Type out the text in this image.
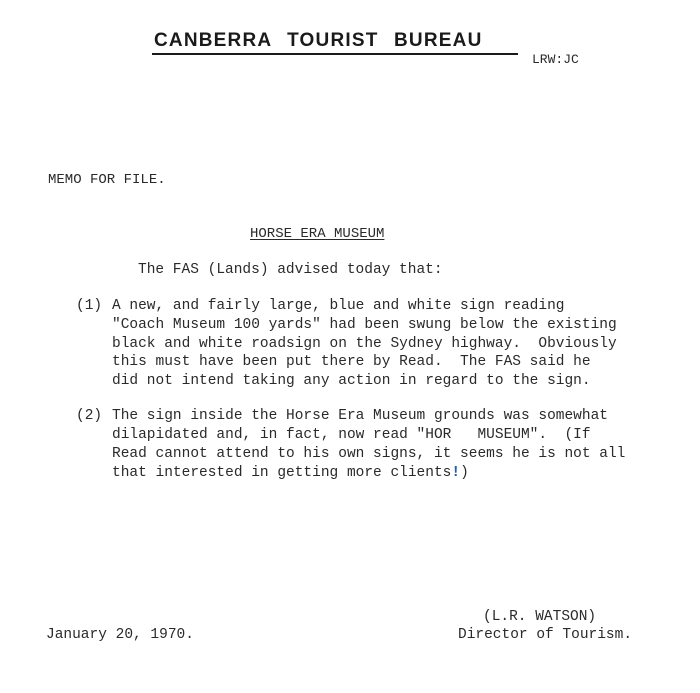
CANBERRA TOURIST BUREAU
LRW:JC
MEMO FOR FILE.
HORSE ERA MUSEUM
The FAS (Lands) advised today that:
(1) A new, and fairly large, blue and white sign reading
"Coach Museum 100 yards" had been swung below the existing
black and white roadsign on the Sydney highway.  Obviously
this must have been put there by Read.  The FAS said he
did not intend taking any action in regard to the sign.
(2) The sign inside the Horse Era Museum grounds was somewhat
dilapidated and, in fact, now read "HOR   MUSEUM".  (If
Read cannot attend to his own signs, it seems he is not all
that interested in getting more clients!)
January 20, 1970.
(L.R. WATSON)
Director of Tourism.
